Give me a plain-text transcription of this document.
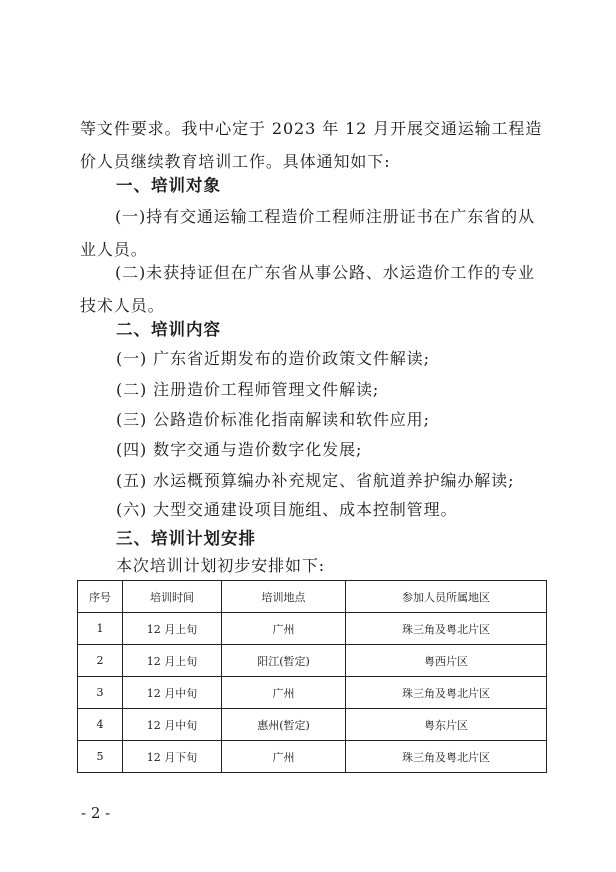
等文件要求。我中心定于 2023 年 12 月开展交通运输工程造价人员继续教育培训工作。具体通知如下:

一、培训对象

(一)持有交通运输工程造价工程师注册证书在广东省的从业人员。

(二)未获持证但在广东省从事公路、水运造价工作的专业技术人员。

二、培训内容

(一) 广东省近期发布的造价政策文件解读;

(二) 注册造价工程师管理文件解读;

(三) 公路造价标准化指南解读和软件应用;

(四) 数字交通与造价数字化发展;

(五) 水运概预算编办补充规定、省航道养护编办解读;

(六) 大型交通建设项目施组、成本控制管理。

三、培训计划安排

本次培训计划初步安排如下:

序号	培训时间	培训地点	参加人员所属地区
1	12 月上旬	广州	珠三角及粤北片区
2	12 月上旬	阳江(暂定)	粤西片区
3	12 月中旬	广州	珠三角及粤北片区
4	12 月中旬	惠州(暂定)	粤东片区
5	12 月下旬	广州	珠三角及粤北片区
- 2 -
